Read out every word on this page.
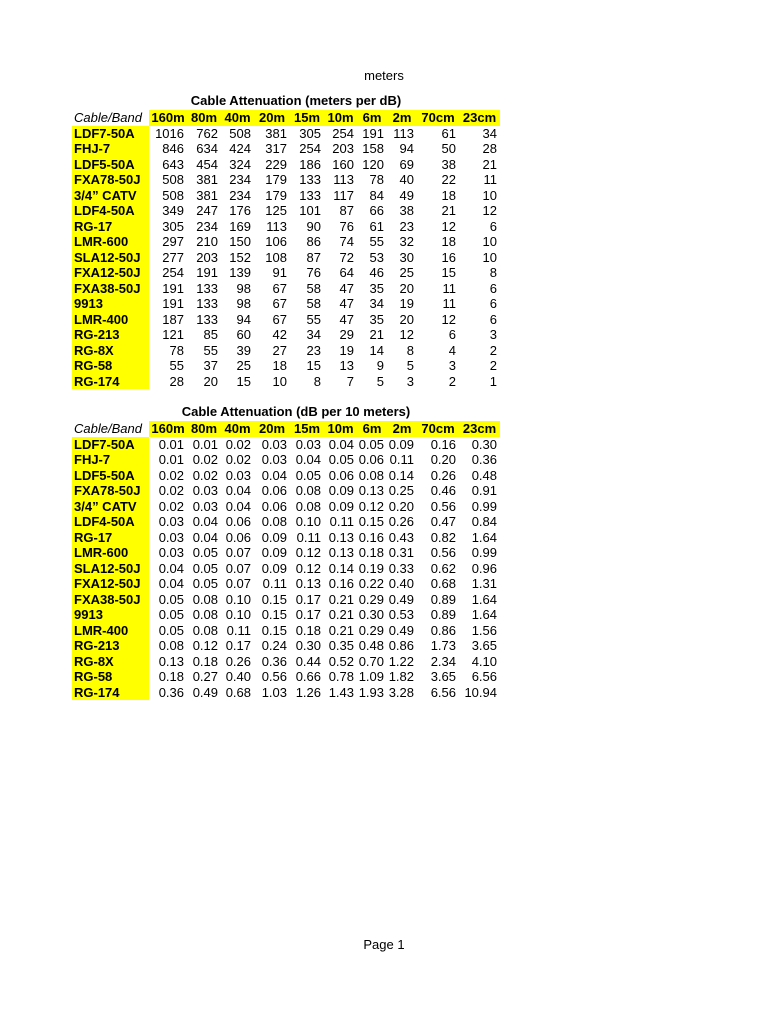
meters
Cable Attenuation (meters per dB)
Cable/Band	160m	80m	40m	20m	15m	10m	6m	2m	70cm	23cm
LDF7-50A	1016	762	508	381	305	254	191	113	61	34
FHJ-7	846	634	424	317	254	203	158	94	50	28
LDF5-50A	643	454	324	229	186	160	120	69	38	21
FXA78-50J	508	381	234	179	133	113	78	40	22	11
3/4” CATV	508	381	234	179	133	117	84	49	18	10
LDF4-50A	349	247	176	125	101	87	66	38	21	12
RG-17	305	234	169	113	90	76	61	23	12	6
LMR-600	297	210	150	106	86	74	55	32	18	10
SLA12-50J	277	203	152	108	87	72	53	30	16	10
FXA12-50J	254	191	139	91	76	64	46	25	15	8
FXA38-50J	191	133	98	67	58	47	35	20	11	6
9913	191	133	98	67	58	47	34	19	11	6
LMR-400	187	133	94	67	55	47	35	20	12	6
RG-213	121	85	60	42	34	29	21	12	6	3
RG-8X	78	55	39	27	23	19	14	8	4	2
RG-58	55	37	25	18	15	13	9	5	3	2
RG-174	28	20	15	10	8	7	5	3	2	1
Cable Attenuation (dB per 10 meters)
Cable/Band	160m	80m	40m	20m	15m	10m	6m	2m	70cm	23cm
LDF7-50A	0.01	0.01	0.02	0.03	0.03	0.04	0.05	0.09	0.16	0.30
FHJ-7	0.01	0.02	0.02	0.03	0.04	0.05	0.06	0.11	0.20	0.36
LDF5-50A	0.02	0.02	0.03	0.04	0.05	0.06	0.08	0.14	0.26	0.48
FXA78-50J	0.02	0.03	0.04	0.06	0.08	0.09	0.13	0.25	0.46	0.91
3/4” CATV	0.02	0.03	0.04	0.06	0.08	0.09	0.12	0.20	0.56	0.99
LDF4-50A	0.03	0.04	0.06	0.08	0.10	0.11	0.15	0.26	0.47	0.84
RG-17	0.03	0.04	0.06	0.09	0.11	0.13	0.16	0.43	0.82	1.64
LMR-600	0.03	0.05	0.07	0.09	0.12	0.13	0.18	0.31	0.56	0.99
SLA12-50J	0.04	0.05	0.07	0.09	0.12	0.14	0.19	0.33	0.62	0.96
FXA12-50J	0.04	0.05	0.07	0.11	0.13	0.16	0.22	0.40	0.68	1.31
FXA38-50J	0.05	0.08	0.10	0.15	0.17	0.21	0.29	0.49	0.89	1.64
9913	0.05	0.08	0.10	0.15	0.17	0.21	0.30	0.53	0.89	1.64
LMR-400	0.05	0.08	0.11	0.15	0.18	0.21	0.29	0.49	0.86	1.56
RG-213	0.08	0.12	0.17	0.24	0.30	0.35	0.48	0.86	1.73	3.65
RG-8X	0.13	0.18	0.26	0.36	0.44	0.52	0.70	1.22	2.34	4.10
RG-58	0.18	0.27	0.40	0.56	0.66	0.78	1.09	1.82	3.65	6.56
RG-174	0.36	0.49	0.68	1.03	1.26	1.43	1.93	3.28	6.56	10.94
Page 1
